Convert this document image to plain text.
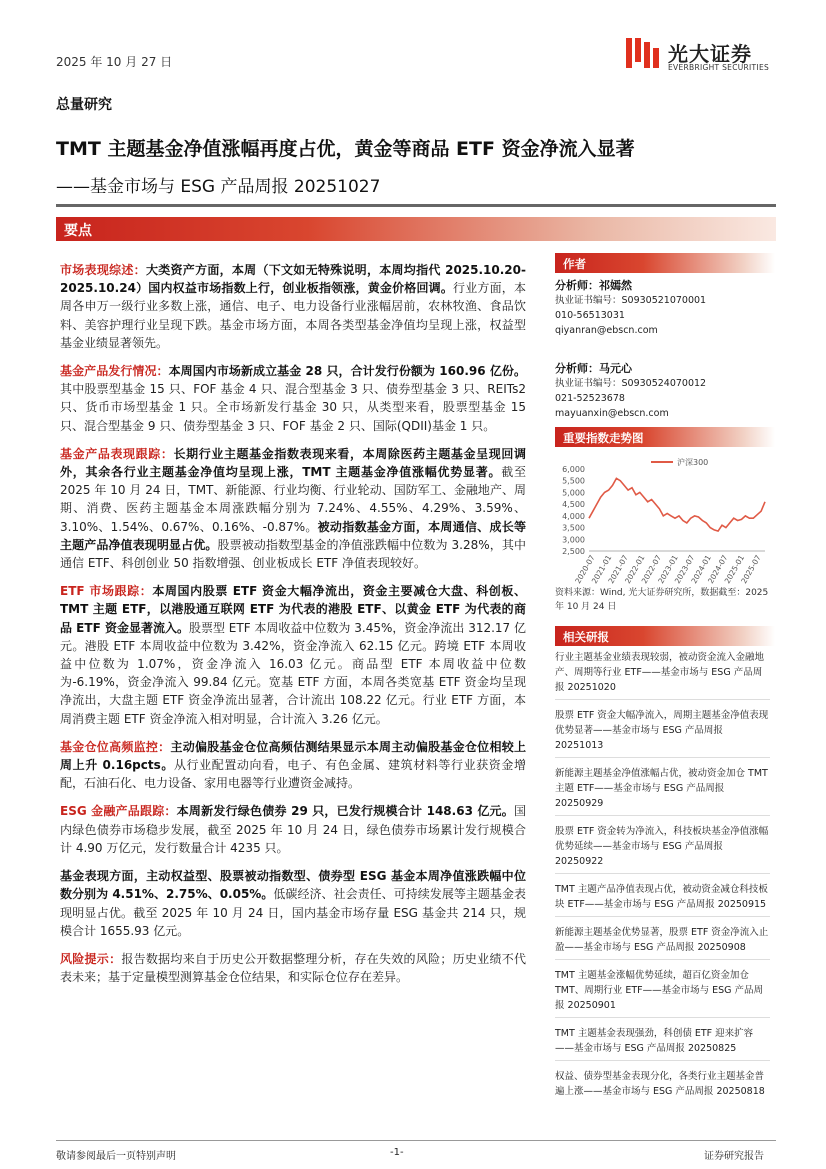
2025 年 10 月 27 日	光大证券
EVERBRIGHT SECURITIES
总量研究
TMT 主题基金净值涨幅再度占优，黄金等商品 ETF 资金净流入显著
——基金市场与 ESG 产品周报 20251027
要点

市场表现综述：大类资产方面，本周（下文如无特殊说明，本周均指代 2025.10.20-2025.10.24）国内权益市场指数上行，创业板指领涨，黄金价格回调。行业方面，本周各申万一级行业多数上涨，通信、电子、电力设备行业涨幅居前，农林牧渔、食品饮料、美容护理行业呈现下跌。基金市场方面，本周各类型基金净值均呈现上涨，权益型基金业绩显著领先。

基金产品发行情况：本周国内市场新成立基金 28 只，合计发行份额为 160.96 亿份。其中股票型基金 15 只、FOF 基金 4 只、混合型基金 3 只、债券型基金 3 只、REITs2 只、货币市场型基金 1 只。全市场新发行基金 30 只，从类型来看，股票型基金 15 只、混合型基金 9 只、债券型基金 3 只、FOF 基金 2 只、国际(QDII)基金 1 只。

基金产品表现跟踪：长期行业主题基金指数表现来看，本周除医药主题基金呈现回调外，其余各行业主题基金净值均呈现上涨，TMT 主题基金净值涨幅优势显著。截至 2025 年 10 月 24 日，TMT、新能源、行业均衡、行业轮动、国防军工、金融地产、周期、消费、医药主题基金本周涨跌幅分别为 7.24%、4.55%、4.29%、3.59%、3.10%、1.54%、0.67%、0.16%、-0.87%。被动指数基金方面，本周通信、成长等主题产品净值表现明显占优。股票被动指数型基金的净值涨跌幅中位数为 3.28%，其中通信 ETF、科创创业 50 指数增强、创业板成长 ETF 净值表现较好。

ETF 市场跟踪：本周国内股票 ETF 资金大幅净流出，资金主要减仓大盘、科创板、TMT 主题 ETF，以港股通互联网 ETF 为代表的港股 ETF、以黄金 ETF 为代表的商品 ETF 资金显著流入。股票型 ETF 本周收益中位数为 3.45%，资金净流出 312.17 亿元。港股 ETF 本周收益中位数为 3.42%，资金净流入 62.15 亿元。跨境 ETF 本周收益中位数为 1.07%，资金净流入 16.03 亿元。商品型 ETF 本周收益中位数为-6.19%，资金净流入 99.84 亿元。宽基 ETF 方面，本周各类宽基 ETF 资金均呈现净流出，大盘主题 ETF 资金净流出显著，合计流出 108.22 亿元。行业 ETF 方面，本周消费主题 ETF 资金净流入相对明显，合计流入 3.26 亿元。

基金仓位高频监控：主动偏股基金仓位高频估测结果显示本周主动偏股基金仓位相较上周上升 0.16pcts。从行业配置动向看，电子、有色金属、建筑材料等行业获资金增配，石油石化、电力设备、家用电器等行业遭资金减持。

ESG 金融产品跟踪：本周新发行绿色债券 29 只，已发行规模合计 148.63 亿元。国内绿色债券市场稳步发展，截至 2025 年 10 月 24 日，绿色债券市场累计发行规模合计 4.90 万亿元，发行数量合计 4235 只。

基金表现方面，主动权益型、股票被动指数型、债券型 ESG 基金本周净值涨跌幅中位数分别为 4.51%、2.75%、0.05%。低碳经济、社会责任、可持续发展等主题基金表现明显占优。截至 2025 年 10 月 24 日，国内基金市场存量 ESG 基金共 214 只，规模合计 1655.93 亿元。

风险提示：报告数据均来自于历史公开数据整理分析，存在失效的风险；历史业绩不代表未来；基于定量模型测算基金仓位结果，和实际仓位存在差异。

作者
分析师：祁嫣然
执业证书编号：S0930521070001
010-56513031
qiyanran@ebscn.com
分析师：马元心
执业证书编号：S0930524070012
021-52523678
mayuanxin@ebscn.com
重要指数走势图
6,000
5,500
5,000
4,500
4,000
3,500
3,000
2,500
2020-07
2021-01
2021-07
2022-01
2022-07
2023-01
2023-07
2024-01
2024-07
2025-01
2025-07
沪深300
资料来源：Wind, 光大证券研究所，数据截至：2025 年 10 月 24 日
相关研报
行业主题基金业绩表现较弱，被动资金流入金融地产、周期等行业 ETF——基金市场与 ESG 产品周报 20251020
股票 ETF 资金大幅净流入，周期主题基金净值表现优势显著——基金市场与 ESG 产品周报 20251013
新能源主题基金净值涨幅占优，被动资金加仓 TMT 主题 ETF——基金市场与 ESG 产品周报 20250929
股票 ETF 资金转为净流入，科技板块基金净值涨幅优势延续——基金市场与 ESG 产品周报 20250922
TMT 主题产品净值表现占优，被动资金减仓科技板块 ETF——基金市场与 ESG 产品周报 20250915
新能源主题基金优势显著，股票 ETF 资金净流入止盈——基金市场与 ESG 产品周报 20250908
TMT 主题基金涨幅优势延续，超百亿资金加仓 TMT、周期行业 ETF——基金市场与 ESG 产品周报 20250901
TMT 主题基金表现强劲，科创债 ETF 迎来扩容——基金市场与 ESG 产品周报 20250825
权益、债券型基金表现分化，各类行业主题基金普遍上涨——基金市场与 ESG 产品周报 20250818
敬请参阅最后一页特别声明	-1-	证券研究报告
